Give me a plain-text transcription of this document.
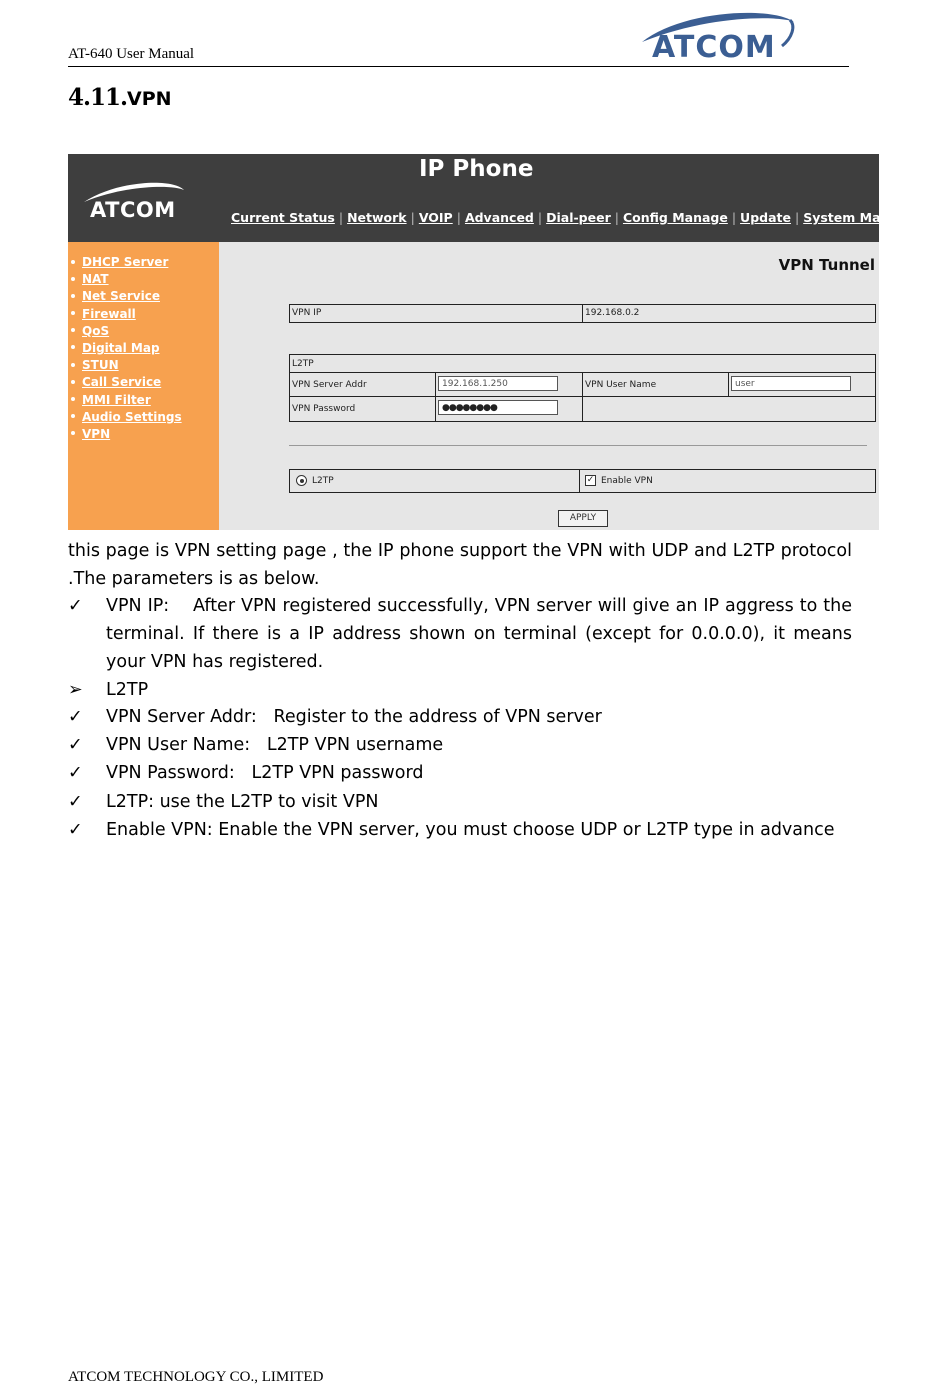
AT-640 User Manual	ATCOM
4.11.VPN
ATCOM
IP Phone
Current Status | Network | VOIP | Advanced | Dial-peer | Config Manage | Update | System Manage
DHCP Server
NAT
Net Service
Firewall
QoS
Digital Map
STUN
Call Service
MMI Filter
Audio Settings
VPN
VPN Tunnel
VPN IP	192.168.0.2
L2TP
VPN Server Addr	192.168.1.250	VPN User Name	user
VPN Password	●●●●●●●●
L2TP	✓ Enable VPN
APPLY
this page is VPN setting page , the IP phone support the VPN with UDP and L2TP protocol .The parameters is as below.
✓	VPN IP:    After VPN registered successfully, VPN server will give an IP aggress to the terminal. If there is a IP address shown on terminal (except for 0.0.0.0), it means your VPN has registered.
➢	L2TP
✓	VPN Server Addr:   Register to the address of VPN server
✓	VPN User Name:   L2TP VPN username
✓	VPN Password:   L2TP VPN password
✓	L2TP: use the L2TP to visit VPN
✓	Enable VPN: Enable the VPN server, you must choose UDP or L2TP type in advance
ATCOM TECHNOLOGY CO., LIMITED
